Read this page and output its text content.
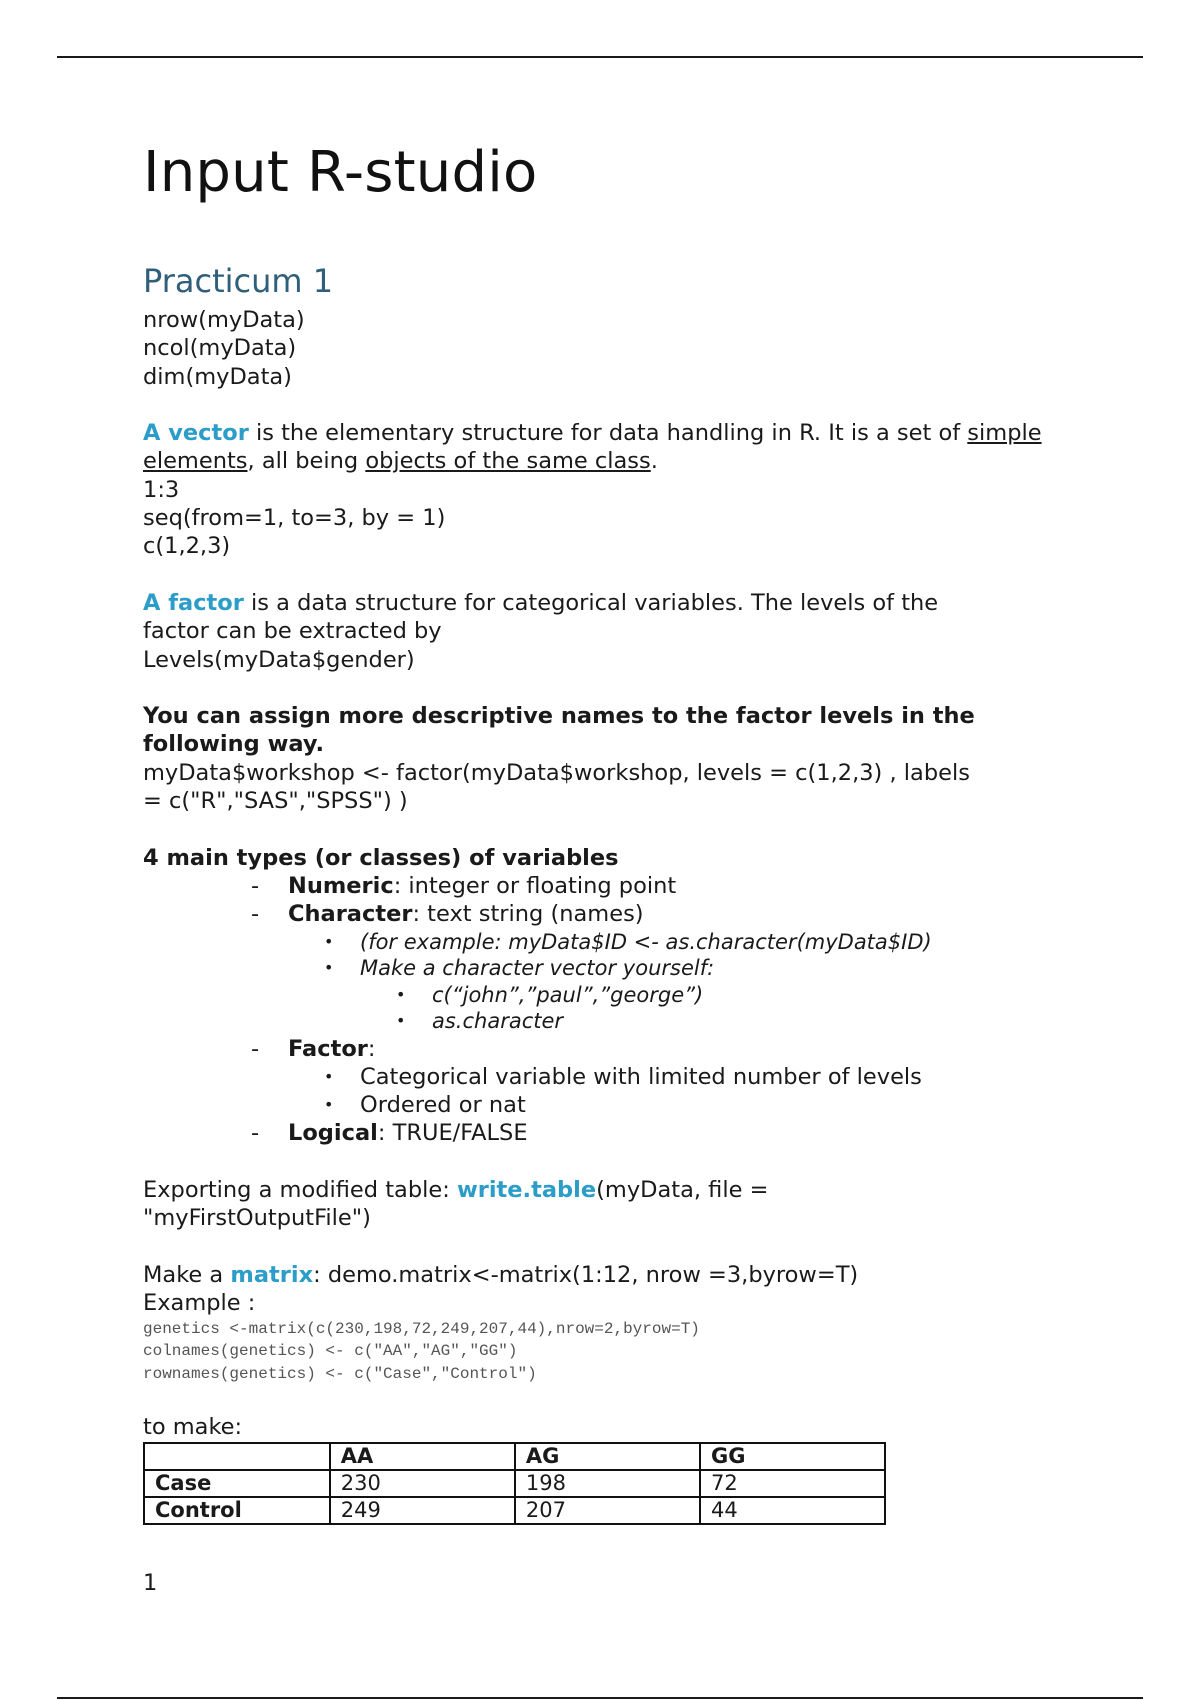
Input R-studio
Practicum 1

nrow(myData)

ncol(myData)

dim(myData)

A vector is the elementary structure for data handling in R. It is a set of simple elements, all being objects of the same class.

1:3

seq(from=1, to=3, by = 1)

c(1,2,3)

A factor is a data structure for categorical variables. The levels of the

factor can be extracted by

Levels(myData$gender)

You can assign more descriptive names to the factor levels in the

following way.

myData$workshop <- factor(myData$workshop, levels = c(1,2,3) , labels

= c("R","SAS","SPSS") )

4 main types (or classes) of variables

- Numeric: integer or floating point
- Character: text string (names)
• (for example: myData$ID <- as.character(myData$ID)
• Make a character vector yourself:
• c(“john”,”paul”,”george”)
• as.character
- Factor:
• Categorical variable with limited number of levels
• Ordered or nat
- Logical: TRUE/FALSE

Exporting a modified table: write.table(myData, file =

"myFirstOutputFile")

Make a matrix: demo.matrix<-matrix(1:12, nrow =3,byrow=T)

Example :

genetics <-matrix(c(230,198,72,249,207,44),nrow=2,byrow=T)

colnames(genetics) <- c("AA","AG","GG")

rownames(genetics) <- c("Case","Control")

to make:

	AA	AG	GG
Case	230	198	72
Control	249	207	44
1
